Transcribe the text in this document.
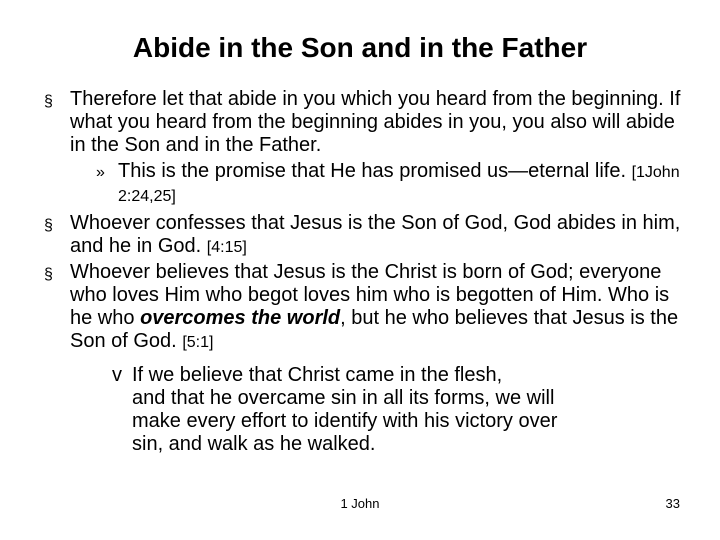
Abide in the Son and in the Father
§ Therefore let that abide in you which you heard from the beginning. If what you heard from the beginning abides in you, you also will abide in the Son and in the Father.
» This is the promise that He has promised us—eternal life. [1John 2:24,25]
§ Whoever confesses that Jesus is the Son of God, God abides in him, and he in God. [4:15]
§ Whoever believes that Jesus is the Christ is born of God; everyone who loves Him who begot loves him who is begotten of Him. Who is he who overcomes the world, but he who believes that Jesus is the Son of God. [5:1]
v If we believe that Christ came in the flesh,
and that he overcame sin in all its forms, we will make every effort to identify with his victory over sin, and walk as he walked.
1 John	33
